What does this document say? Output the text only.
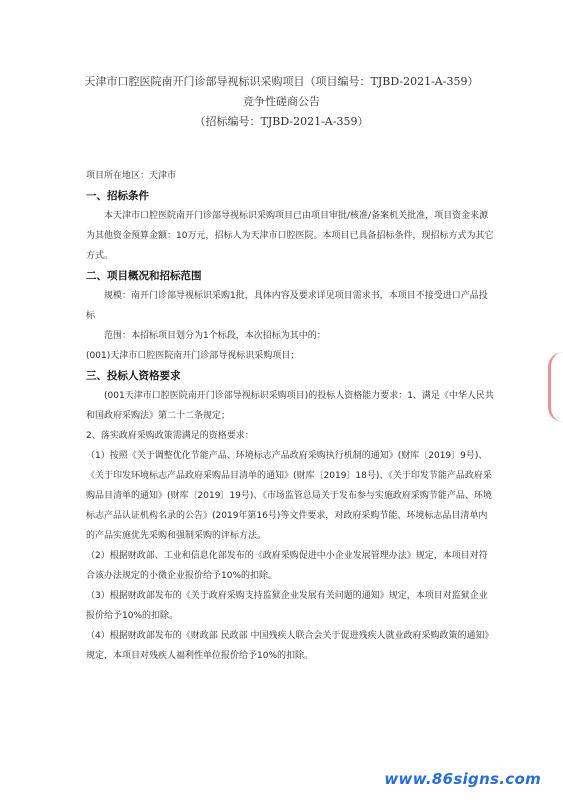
天津市口腔医院南开门诊部导视标识采购项目（项目编号：TJBD-2021-A-359）
竞争性磋商公告
（招标编号：TJBD-2021-A-359）

项目所在地区：天津市

一、招标条件

本天津市口腔医院南开门诊部导视标识采购项目已由项目审批/核准/备案机关批准，项目资金来源为其他资金预算金额：10万元，招标人为天津市口腔医院。本项目已具备招标条件，现招标方式为其它方式。

二、项目概况和招标范围

规模：南开门诊部导视标识采购1批，具体内容及要求详见项目需求书，本项目不接受进口产品投标

范围：本招标项目划分为1个标段，本次招标为其中的：

(001)天津市口腔医院南开门诊部导视标识采购项目；

三、投标人资格要求

(001天津市口腔医院南开门诊部导视标识采购项目)的投标人资格能力要求：1、满足《中华人民共和国政府采购法》第二十二条规定；

2、落实政府采购政策需满足的资格要求：

（1）按照《关于调整优化节能产品、环境标志产品政府采购执行机制的通知》(财库〔2019〕9号)、《关于印发环境标志产品政府采购品目清单的通知》(财库〔2019〕18号)、《关于印发节能产品政府采购品目清单的通知》(财库〔2019〕19号)、《市场监管总局关于发布参与实施政府采购节能产品、环境标志产品认证机构名录的公告》(2019年第16号)等文件要求，对政府采购节能、环境标志品目清单内的产品实施优先采购和强制采购的评标方法。

（2）根据财政部、工业和信息化部发布的《政府采购促进中小企业发展管理办法》规定，本项目对符合该办法规定的小微企业报价给予10%的扣除。

（3）根据财政部发布的《关于政府采购支持监狱企业发展有关问题的通知》规定，本项目对监狱企业报价给予10%的扣除。

（4）根据财政部发布的《财政部 民政部 中国残疾人联合会关于促进残疾人就业政府采购政策的通知》规定，本项目对残疾人福利性单位报价给予10%的扣除。

www.86signs.com
